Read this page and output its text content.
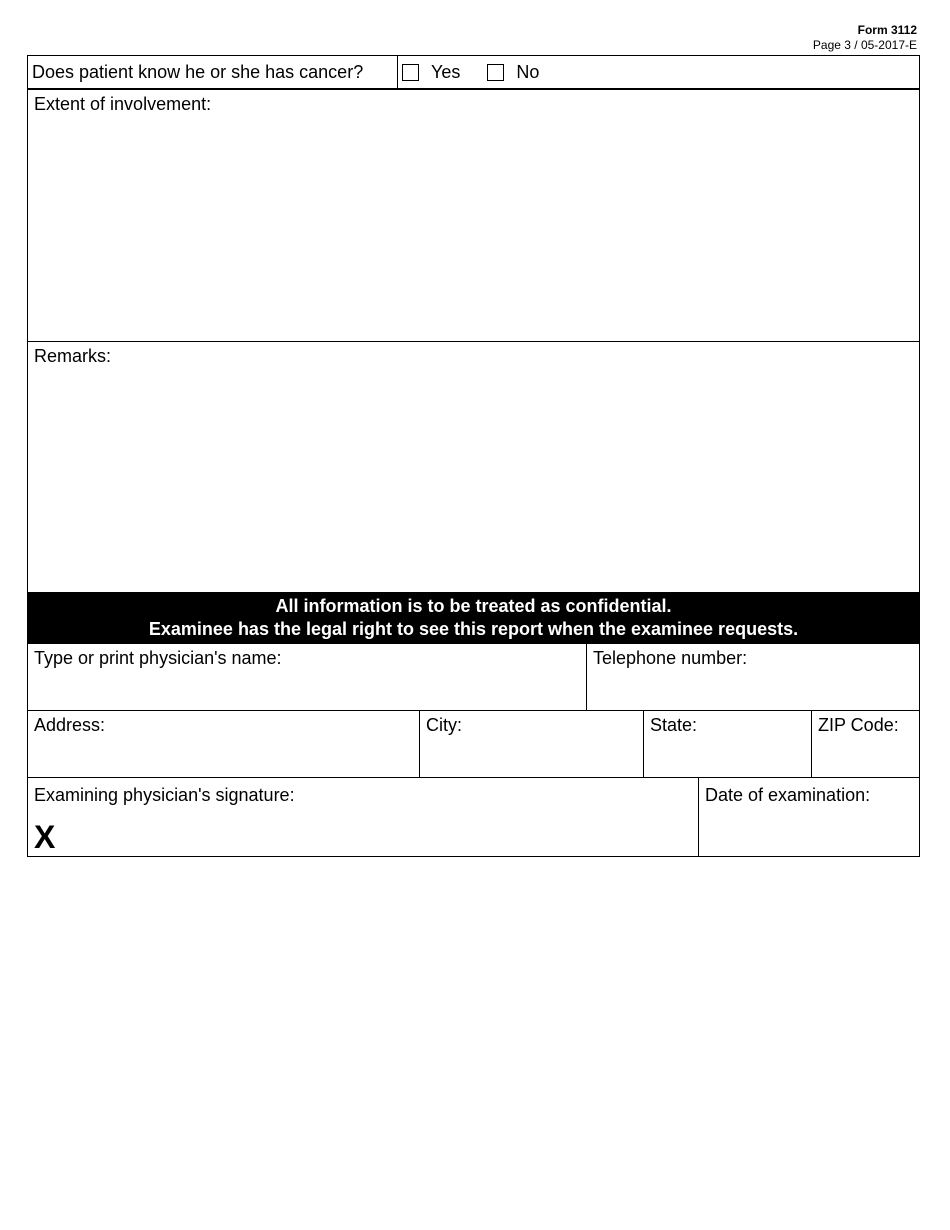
Form 3112
Page 3 / 05-2017-E
Does patient know he or she has cancer?	Yes	No
Extent of involvement:
Remarks:
All information is to be treated as confidential.
Examinee has the legal right to see this report when the examinee requests.
Type or print physician's name:	Telephone number:
Address:	City:	State:	ZIP Code:
Examining physician's signature:
X
Date of examination:
